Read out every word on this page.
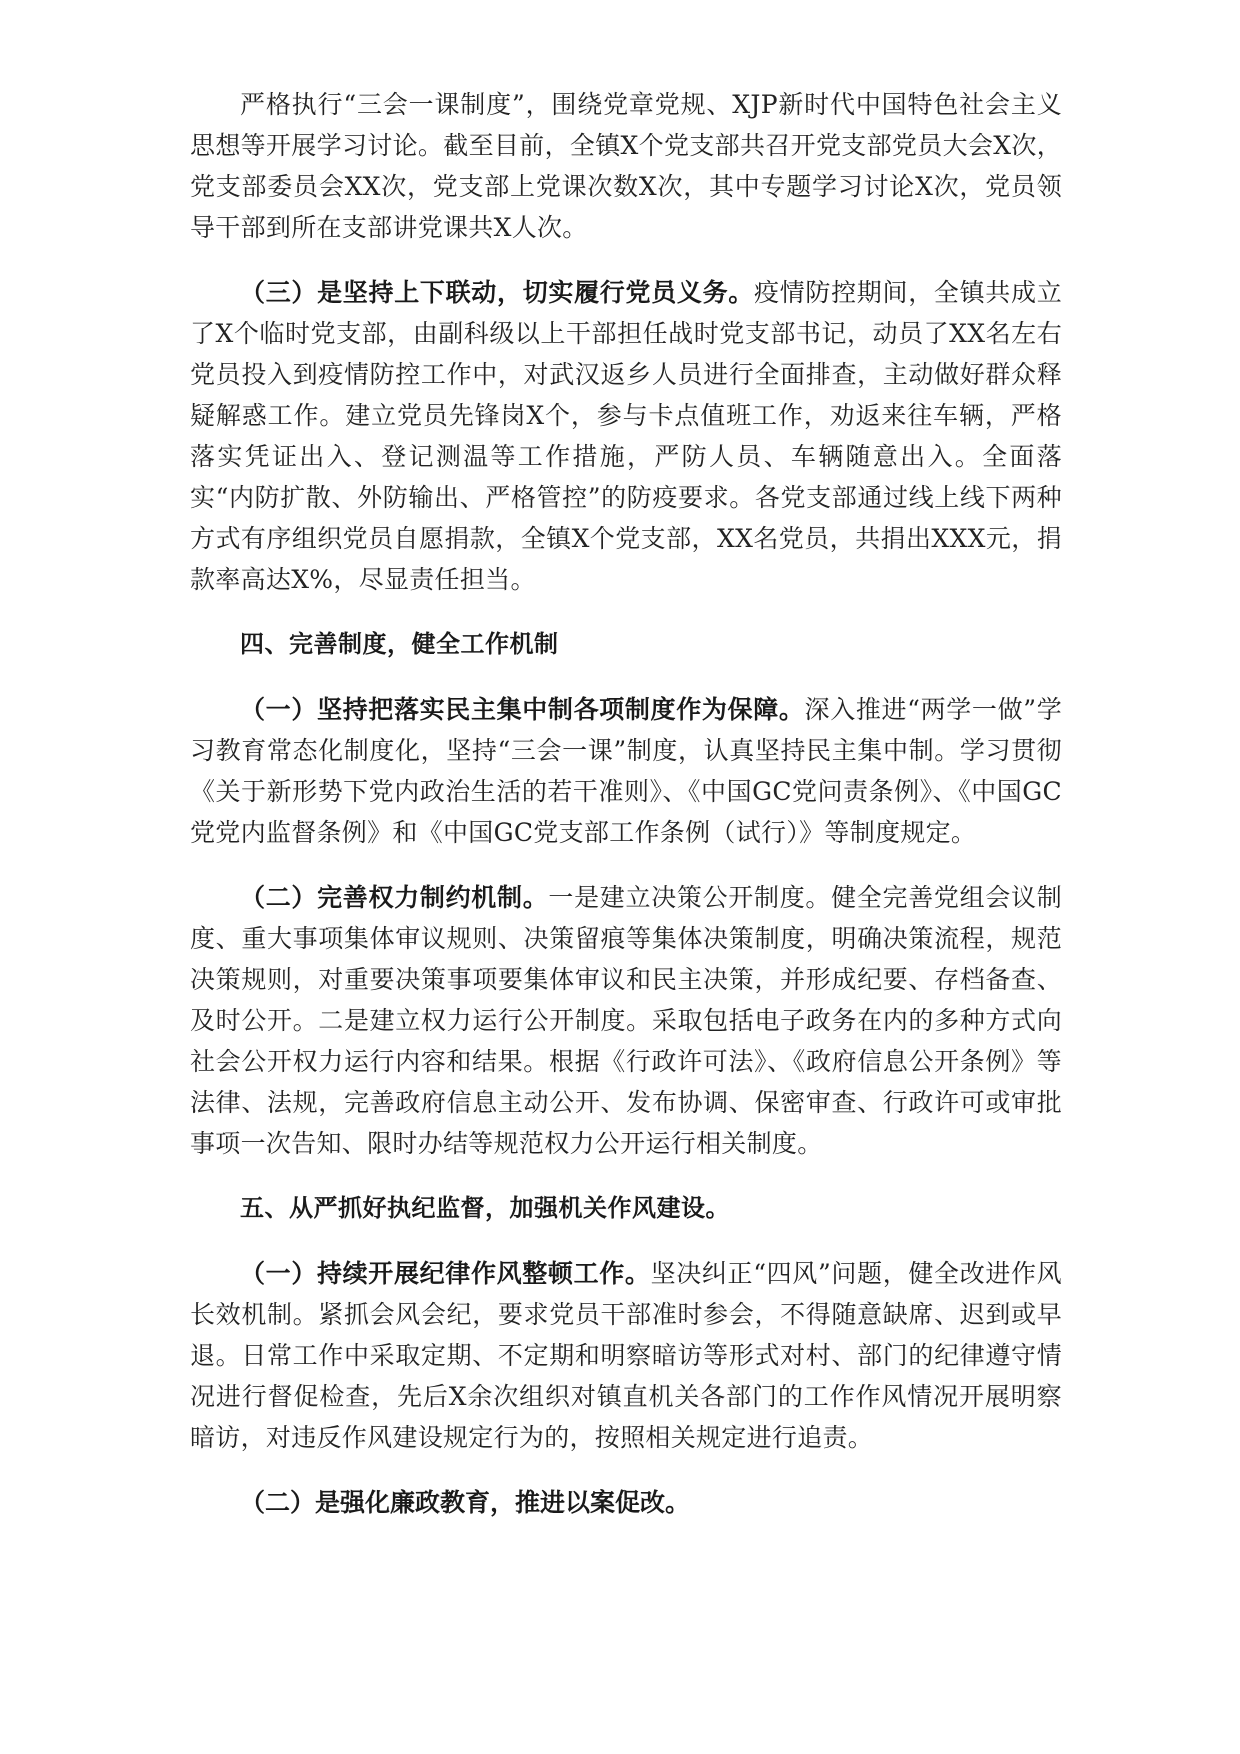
严格执行“三会一课制度”，围绕党章党规、XJP新时代中国特色社会主义思想等开展学习讨论。截至目前，全镇X个党支部共召开党支部党员大会X次，党支部委员会XX次，党支部上党课次数X次，其中专题学习讨论X次，党员领导干部到所在支部讲党课共X人次。

（三）是坚持上下联动，切实履行党员义务。疫情防控期间，全镇共成立了X个临时党支部，由副科级以上干部担任战时党支部书记，动员了XX名左右党员投入到疫情防控工作中，对武汉返乡人员进行全面排查，主动做好群众释疑解惑工作。建立党员先锋岗X个，参与卡点值班工作，劝返来往车辆，严格落实凭证出入、登记测温等工作措施，严防人员、车辆随意出入。全面落实“内防扩散、外防输出、严格管控”的防疫要求。各党支部通过线上线下两种方式有序组织党员自愿捐款，全镇X个党支部，XX名党员，共捐出XXX元，捐款率高达X%，尽显责任担当。

四、完善制度，健全工作机制

（一）坚持把落实民主集中制各项制度作为保障。深入推进“两学一做”学习教育常态化制度化，坚持“三会一课”制度，认真坚持民主集中制。学习贯彻《关于新形势下党内政治生活的若干准则》、《中国GC党问责条例》、《中国GC党党内监督条例》和《中国GC党支部工作条例（试行）》等制度规定。

（二）完善权力制约机制。一是建立决策公开制度。健全完善党组会议制度、重大事项集体审议规则、决策留痕等集体决策制度，明确决策流程，规范决策规则，对重要决策事项要集体审议和民主决策，并形成纪要、存档备查、及时公开。二是建立权力运行公开制度。采取包括电子政务在内的多种方式向社会公开权力运行内容和结果。根据《行政许可法》、《政府信息公开条例》等法律、法规，完善政府信息主动公开、发布协调、保密审查、行政许可或审批事项一次告知、限时办结等规范权力公开运行相关制度。

五、从严抓好执纪监督，加强机关作风建设。

（一）持续开展纪律作风整顿工作。坚决纠正“四风”问题，健全改进作风长效机制。紧抓会风会纪，要求党员干部准时参会，不得随意缺席、迟到或早退。日常工作中采取定期、不定期和明察暗访等形式对村、部门的纪律遵守情况进行督促检查，先后X余次组织对镇直机关各部门的工作作风情况开展明察暗访，对违反作风建设规定行为的，按照相关规定进行追责。

（二）是强化廉政教育，推进以案促改。
